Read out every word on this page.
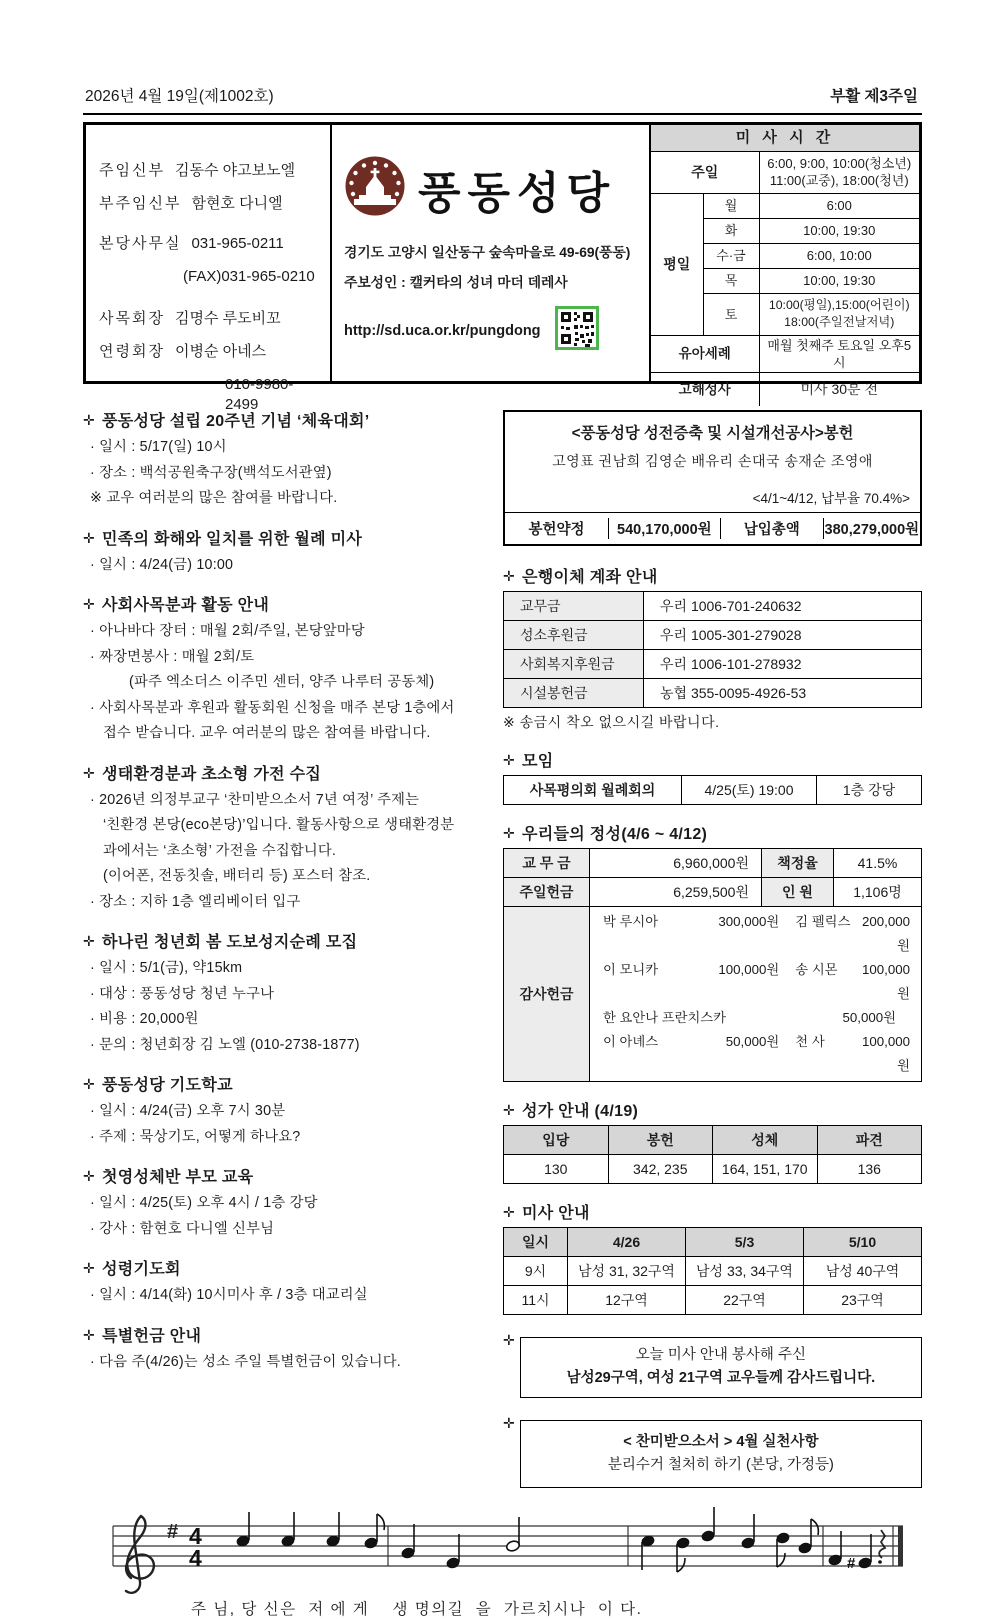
2026년 4월 19일(제1002호)	부활 제3주일
주임신부 김동수 야고보노엘
부주임신부 함현호 다니엘
본당사무실 031-965-0211
(FAX)031-965-0210
사목회장 김명수 루도비꼬
연령회장 이병순 아네스
010-9980-2499
풍동성당
경기도 고양시 일산동구 숲속마을로 49-69(풍동)
주보성인 : 캘커타의 성녀 마더 데레사
http://sd.uca.or.kr/pungdong
미 사 시 간		
주일		6:00, 9:00, 10:00(청소년)
11:00(교중), 18:00(청년)

평일	월	6:00
	화	10:00, 19:30
	수·금	6:00, 10:00
	목	10:00, 19:30
	토	10:00(평일),15:00(어린이)
18:00(주일전날저녁)

유아세례		매월 첫째주 토요일 오후5시
고해성사		미사 30분 전
✛ 풍동성당 설립 20주년 기념 ‘체육대회’
· 일시 : 5/17(일) 10시
· 장소 : 백석공원축구장(백석도서관옆)
※ 교우 여러분의 많은 참여를 바랍니다.
✛ 민족의 화해와 일치를 위한 월례 미사
· 일시 : 4/24(금) 10:00
✛ 사회사목분과 활동 안내
· 아나바다 장터 : 매월 2회/주일, 본당앞마당
· 짜장면봉사 : 매월 2회/토
(파주 엑소더스 이주민 센터, 양주 나루터 공동체)
· 사회사목분과 후원과 활동회원 신청을 매주 본당 1층에서
접수 받습니다. 교우 여러분의 많은 참여를 바랍니다.
✛ 생태환경분과 초소형 가전 수집
· 2026년 의정부교구 ‘찬미받으소서 7년 여정’ 주제는
‘친환경 본당(eco본당)’입니다. 활동사항으로 생태환경분
과에서는 ‘초소형’ 가전을 수집합니다.
(이어폰, 전동칫솔, 배터리 등) 포스터 참조.
· 장소 : 지하 1층 엘리베이터 입구
✛ 하나린 청년회 봄 도보성지순례 모집
· 일시 : 5/1(금), 약15km
· 대상 : 풍동성당 청년 누구나
· 비용 : 20,000원
· 문의 : 청년회장 김 노엘 (010-2738-1877)
✛ 풍동성당 기도학교
· 일시 : 4/24(금) 오후 7시 30분
· 주제 : 묵상기도, 어떻게 하나요?
✛ 첫영성체반 부모 교육
· 일시 : 4/25(토) 오후 4시 / 1층 강당
· 강사 : 함현호 다니엘 신부님
✛ 성령기도회
· 일시 : 4/14(화) 10시미사 후 / 3층 대교리실
✛ 특별헌금 안내
· 다음 주(4/26)는 성소 주일 특별헌금이 있습니다.
<풍동성당 성전증축 및 시설개선공사>봉헌
고영표 권남희 김영순 배유리 손대국 송재순 조영애
<4/1~4/12, 납부율 70.4%>
봉헌약정	540,170,000원	납입총액	380,279,000원
✛ 은행이체 계좌 안내
교무금	우리 1006-701-240632
성소후원금	우리 1005-301-279028
사회복지후원금	우리 1006-101-278932
시설봉헌금	농협 355-0095-4926-53
※ 송금시 착오 없으시길 바랍니다.
✛ 모임
사목평의회 월례회의	4/25(토) 19:00	1층 강당
✛ 우리들의 정성(4/6 ~ 4/12)
교 무 금	6,960,000원	책정율	41.5%
주일헌금	6,259,500원	인 원	1,106명
감사헌금	
박 루시아	300,000원	김 펠릭스 200,000원
이 모니카	100,000원	송 시몬	100,000원
한 요안나 프란치스카	50,000원
이 아녜스	50,000원	천 사	100,000원
✛ 성가 안내 (4/19)
입당	봉헌	성체	파견
130	342, 235	164, 151, 170	136
✛ 미사 안내
일시	4/26	5/3	5/10
9시	남성 31, 32구역	남성 33, 34구역	남성 40구역
11시	12구역	22구역	23구역
✛
오늘 미사 안내 봉사해 주신
남성29구역, 여성 21구역 교우들께 감사드립니다.
✛
< 찬미받으소서 > 4월 실천사항
분리수거 철처히 하기 (본당, 가정등)
# 4
4	#
주 님, 당 신은  저 에 게    생 명의길  을  가르치시나  이 다.
